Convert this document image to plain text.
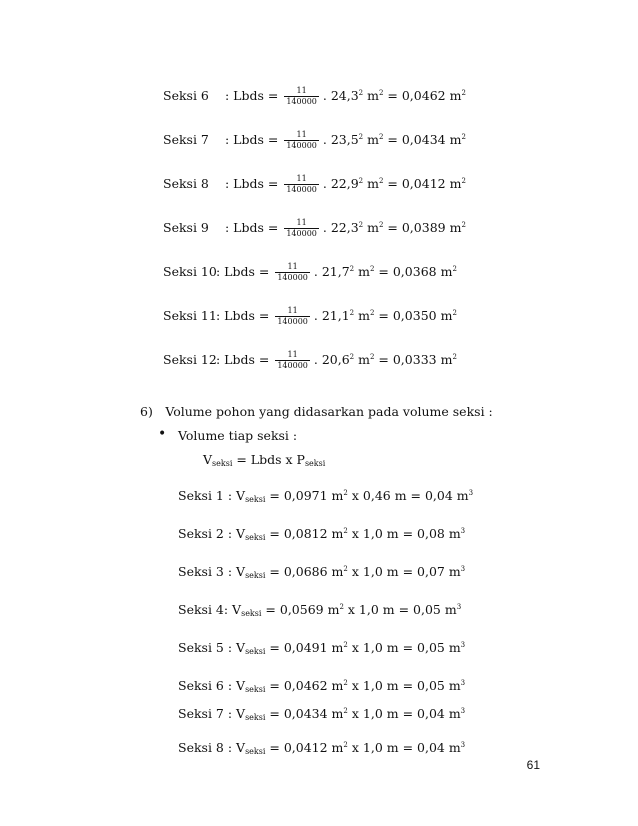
Seksi 6 : Lbds = $\frac{11}{140000}$ . 24,3$^2$ $m^2 = 0,0462$ $m^2$
Seksi 7 : Lbds = $\frac{11}{140000}$ . 23,5$^2$ $m^2 = 0,0434$ $m^2$
Seksi 8 : Lbds = $\frac{11}{140000}$ . 22,9$^2$ $m^2 = 0,0412$ $m^2$
Seksi 9 : Lbds = $\frac{11}{140000}$ . 22,3$^2$ $m^2 = 0,0389$ $m^2$
Seksi 10: Lbds = $\frac{11}{140000}$ . 21,7$^2$ $m^2 = 0,0368$ $m^2$
Seksi 11: Lbds = $\frac{11}{140000}$ . 21,1$^2$ $m^2 = 0,0350$ $m^2$
Seksi 12: Lbds = $\frac{11}{140000}$ . 20,6$^2$ $m^2 = 0,0333$ $m^2$
6) Volume pohon yang didasarkan pada volume seksi :
• Volume tiap seksi :
$V_{seksi}$ = Lbds x $P_{seksi}$
Seksi 1 : $V_{seksi} = 0,0971$ $m^2$ x 0,46 m = 0,04 $m^3$
Seksi 2 : $V_{seksi} = 0,0812$ $m^2$ x 1,0 m = 0,08 $m^3$
Seksi 3 : $V_{seksi} = 0,0686$ $m^2$ x 1,0 m = 0,07 $m^3$
Seksi 4: $V_{seksi} = 0,0569$ $m^2$ x 1,0 m = 0,05 $m^3$
Seksi 5 : $V_{seksi} = 0,0491$ $m^2$ x 1,0 m = 0,05 $m^3$
Seksi 6 : $V_{seksi} = 0,0462$ $m^2$ x 1,0 m = 0,05 $m^3$
Seksi 7 : $V_{seksi} = 0,0434$ $m^2$ x 1,0 m = 0,04 $m^3$
Seksi 8 : $V_{seksi} = 0,0412$ $m^2$ x 1,0 m = 0,04 $m^3$
61
